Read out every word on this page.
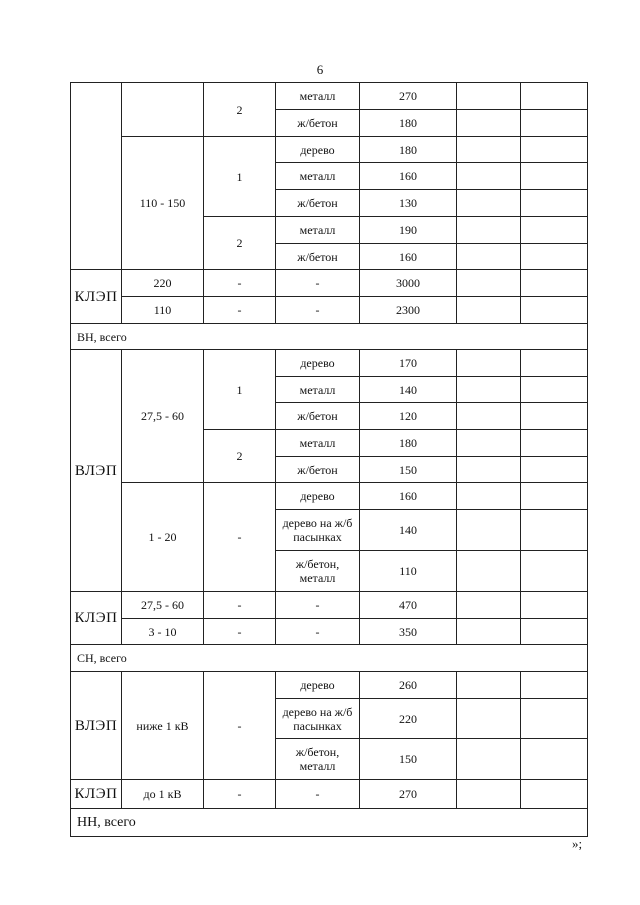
6
		2	металл	270		
			ж/бетон	180		
	110 - 150	1	дерево	180		
			металл	160		
			ж/бетон	130		
		2	металл	190		
			ж/бетон	160		
КЛЭП	220	-	-	3000		
	110	-	-	2300		
ВН, всего						
ВЛЭП	27,5 - 60	1	дерево	170		
			металл	140		
			ж/бетон	120		
		2	металл	180		
			ж/бетон	150		
	1 - 20	-	дерево	160		
			дерево на ж/б пасынках	140		
			ж/бетон, металл	110		
КЛЭП	27,5 - 60	-	-	470		
	3 - 10	-	-	350		
СН, всего						
ВЛЭП	ниже 1 кВ	-	дерево	260		
			дерево на ж/б пасынках	220		
			ж/бетон, металл	150		
КЛЭП	до 1 кВ	-	-	270		
НН, всего						
»;
